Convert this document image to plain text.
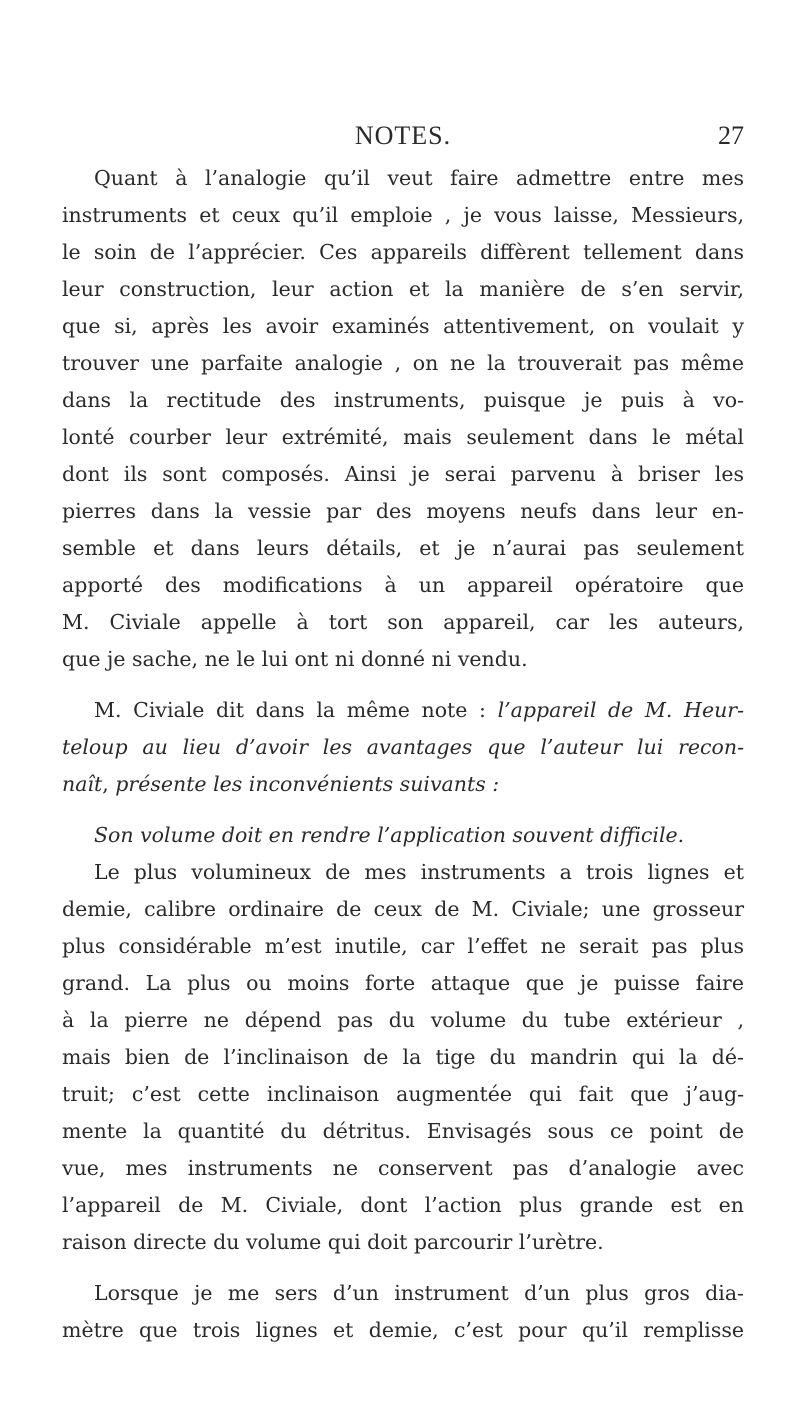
NOTES.	27
Quant à l’analogie qu’il veut faire admettre entre mes
instruments et ceux qu’il emploie , je vous laisse, Messieurs,
le soin de l’apprécier. Ces appareils diffèrent tellement dans
leur construction, leur action et la manière de s’en servir,
que si, après les avoir examinés attentivement, on voulait y
trouver une parfaite analogie , on ne la trouverait pas même
dans la rectitude des instruments, puisque je puis à vo-
lonté courber leur extrémité, mais seulement dans le métal
dont ils sont composés. Ainsi je serai parvenu à briser les
pierres dans la vessie par des moyens neufs dans leur en-
semble et dans leurs détails, et je n’aurai pas seulement
apporté des modifications à un appareil opératoire que
M. Civiale appelle à tort son appareil, car les auteurs,
que je sache, ne le lui ont ni donné ni vendu.
M. Civiale dit dans la même note : l’appareil de M. Heur-
teloup au lieu d’avoir les avantages que l’auteur lui recon-
naît, présente les inconvénients suivants :
Son volume doit en rendre l’application souvent difficile.
Le plus volumineux de mes instruments a trois lignes et
demie, calibre ordinaire de ceux de M. Civiale; une grosseur
plus considérable m’est inutile, car l’effet ne serait pas plus
grand. La plus ou moins forte attaque que je puisse faire
à la pierre ne dépend pas du volume du tube extérieur ,
mais bien de l’inclinaison de la tige du mandrin qui la dé-
truit; c’est cette inclinaison augmentée qui fait que j’aug-
mente la quantité du détritus. Envisagés sous ce point de
vue, mes instruments ne conservent pas d’analogie avec
l’appareil de M. Civiale, dont l’action plus grande est en
raison directe du volume qui doit parcourir l’urètre.
Lorsque je me sers d’un instrument d’un plus gros dia-
mètre que trois lignes et demie, c’est pour qu’il remplisse
